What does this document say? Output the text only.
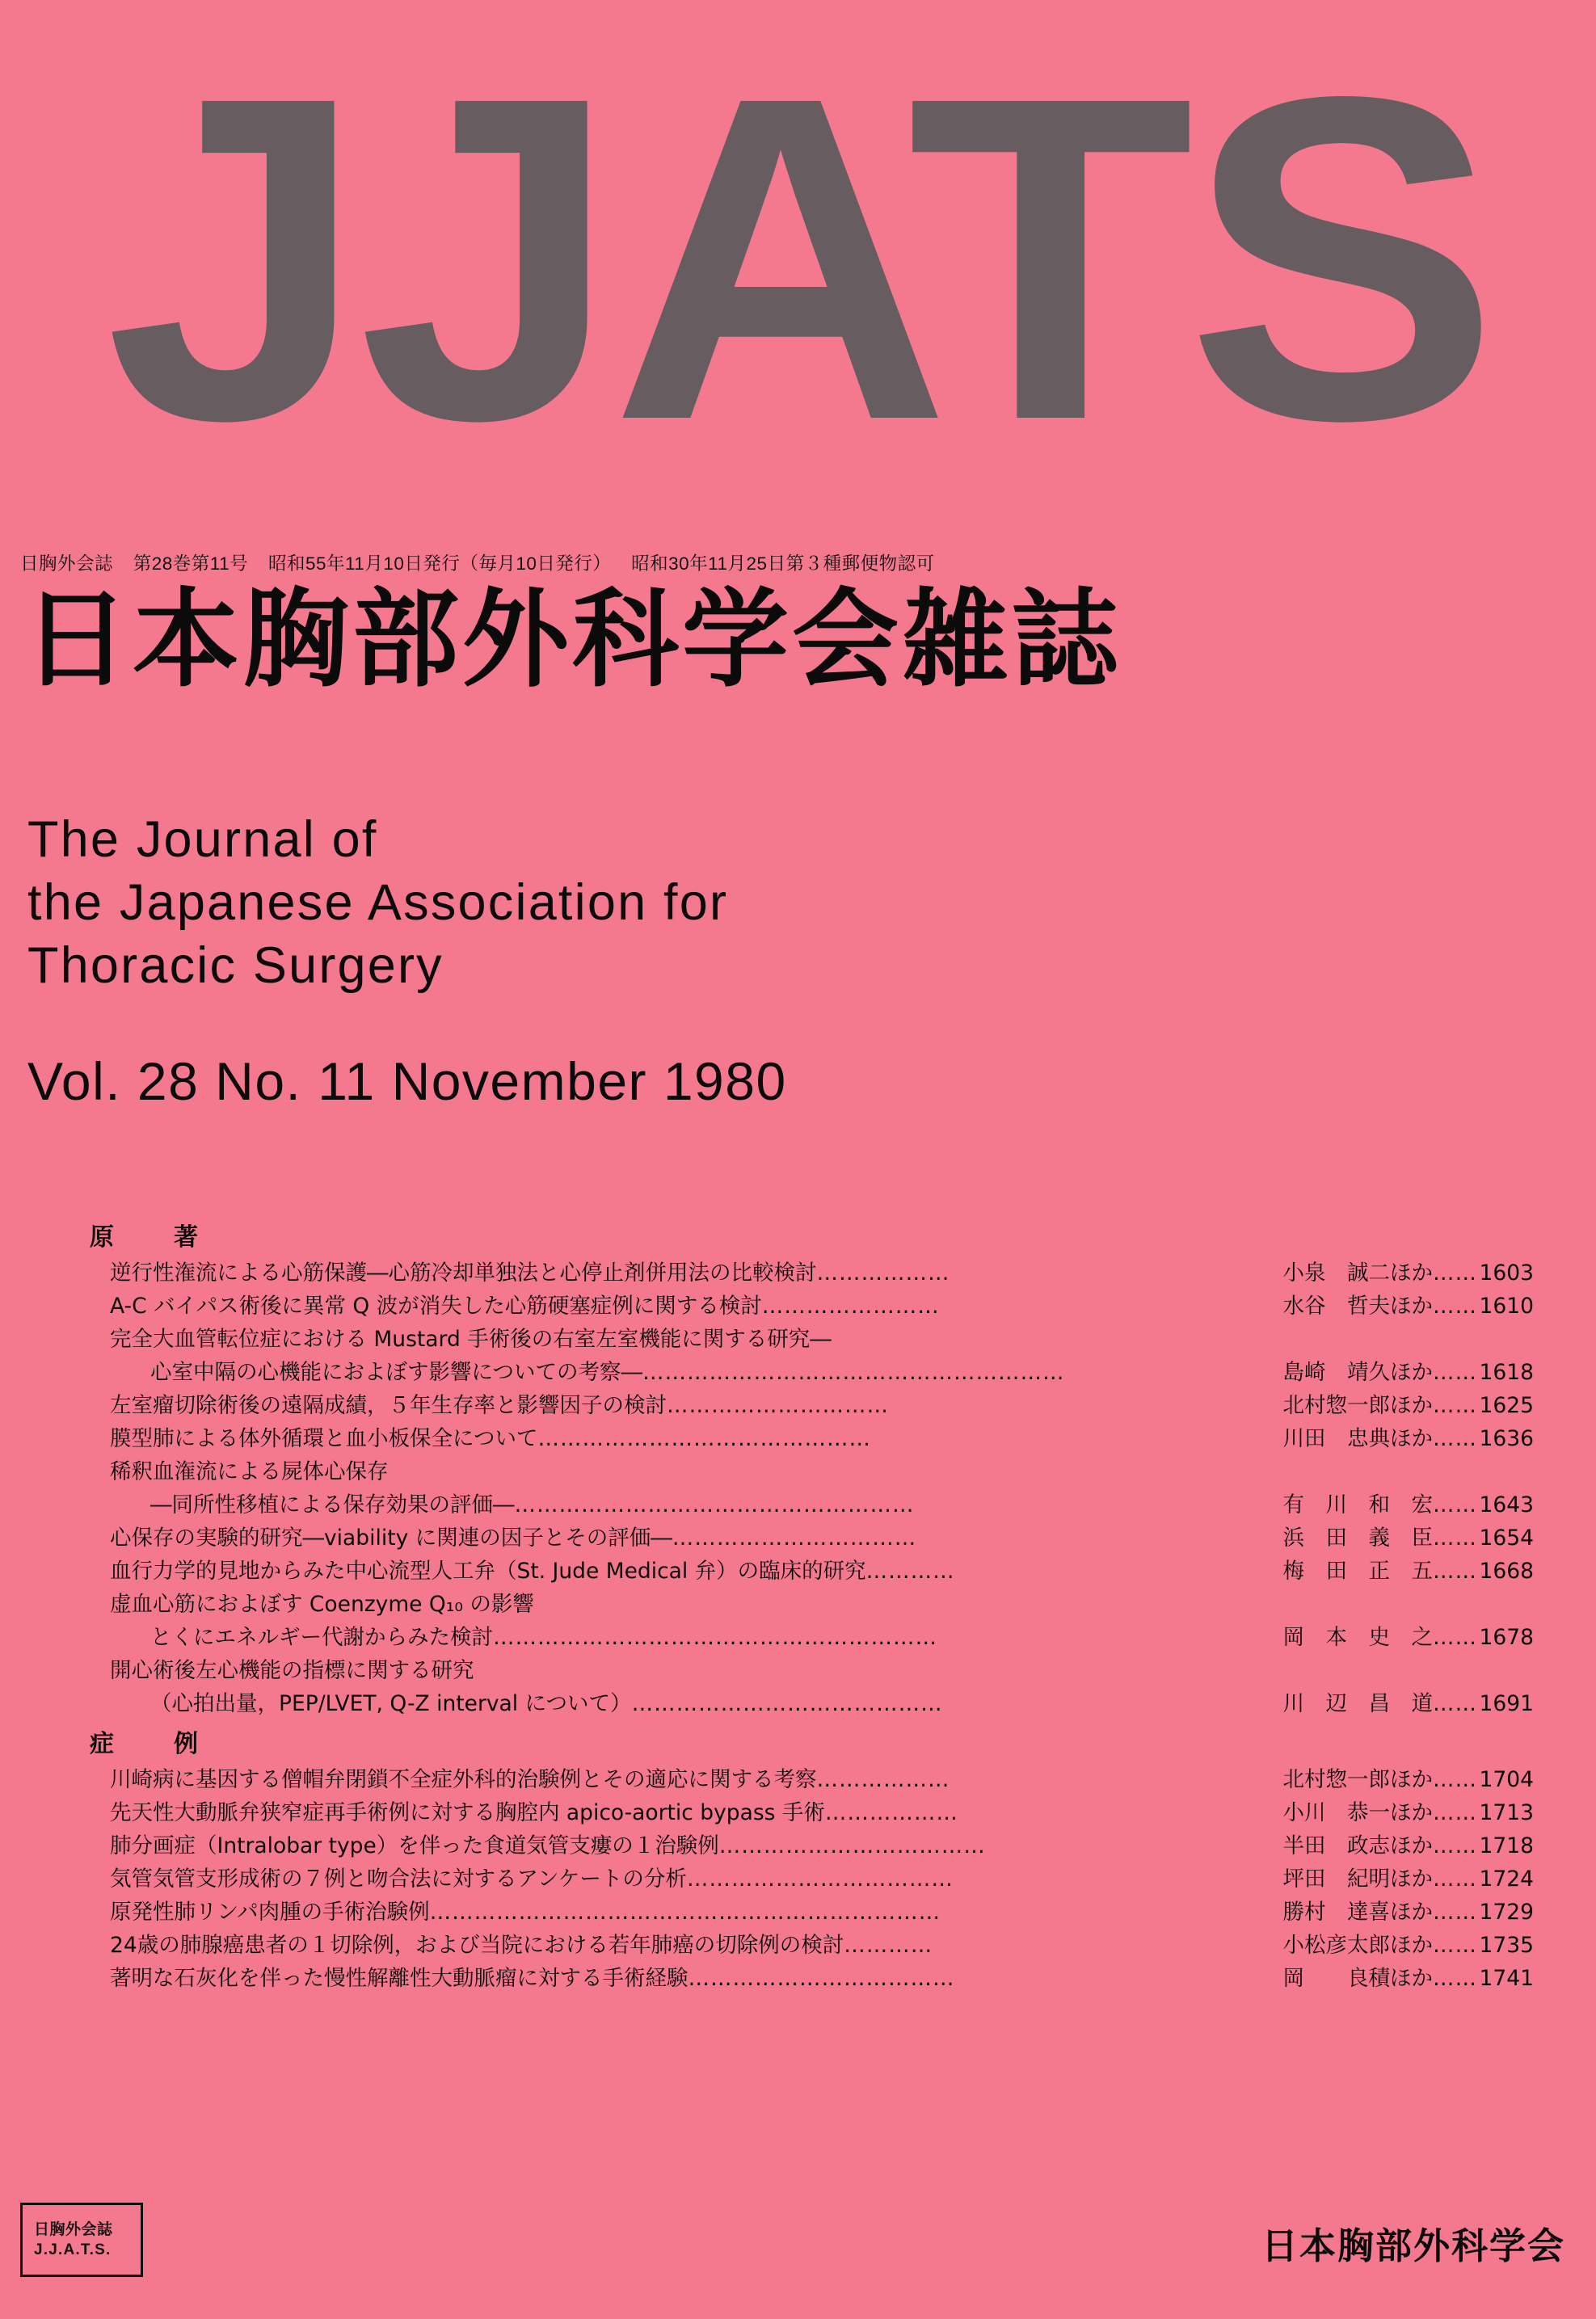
JJATS
日胸外会誌 第28巻第11号 昭和55年11月10日発行（毎月10日発行） 昭和30年11月25日第３種郵便物認可
日本胸部外科学会雑誌
The Journal of
the Japanese Association for
Thoracic Surgery
Vol. 28 No. 11 November 1980
原　著
逆行性潅流による心筋保護―心筋冷却単独法と心停止剤併用法の比較検討 ………………	小泉　誠二ほか …… 1603
A-C バイパス術後に異常 Q 波が消失した心筋硬塞症例に関する検討 ……………………	水谷　哲夫ほか …… 1610
完全大血管転位症における Mustard 手術後の右室左室機能に関する研究―
心室中隔の心機能におよぼす影響についての考察― …………………………………………………	島崎　靖久ほか …… 1618
左室瘤切除術後の遠隔成績，５年生存率と影響因子の検討 …………………………	北村惣一郎ほか …… 1625
膜型肺による体外循環と血小板保全について ………………………………………	川田　忠典ほか …… 1636
稀釈血潅流による屍体心保存
―同所性移植による保存効果の評価― ………………………………………………	有　川　和　宏 …… 1643
心保存の実験的研究―viability に関連の因子とその評価― ……………………………	浜　田　義　臣 …… 1654
血行力学的見地からみた中心流型人工弁（St. Jude Medical 弁）の臨床的研究 …………	梅　田　正　五 …… 1668
虚血心筋におよぼす Coenzyme Q₁₀ の影響
とくにエネルギー代謝からみた検討 ……………………………………………………	岡　本　史　之 …… 1678
開心術後左心機能の指標に関する研究
（心拍出量，PEP/LVET, Q-Z interval について） ……………………………………	川　辺　昌　道 …… 1691
症　例
川崎病に基因する僧帽弁閉鎖不全症外科的治験例とその適応に関する考察 ………………	北村惣一郎ほか …… 1704
先天性大動脈弁狭窄症再手術例に対する胸腔内 apico-aortic bypass 手術 ………………	小川　恭一ほか …… 1713
肺分画症（Intralobar type）を伴った食道気管支瘻の１治験例 ………………………………	半田　政志ほか …… 1718
気管気管支形成術の７例と吻合法に対するアンケートの分析 ………………………………	坪田　紀明ほか …… 1724
原発性肺リンパ肉腫の手術治験例 ……………………………………………………………	勝村　達喜ほか …… 1729
24歳の肺腺癌患者の１切除例，および当院における若年肺癌の切除例の検討 …………	小松彦太郎ほか …… 1735
著明な石灰化を伴った慢性解離性大動脈瘤に対する手術経験 ………………………………	岡　　良積ほか …… 1741
日胸外会誌
J.J.A.T.S.	日本胸部外科学会
